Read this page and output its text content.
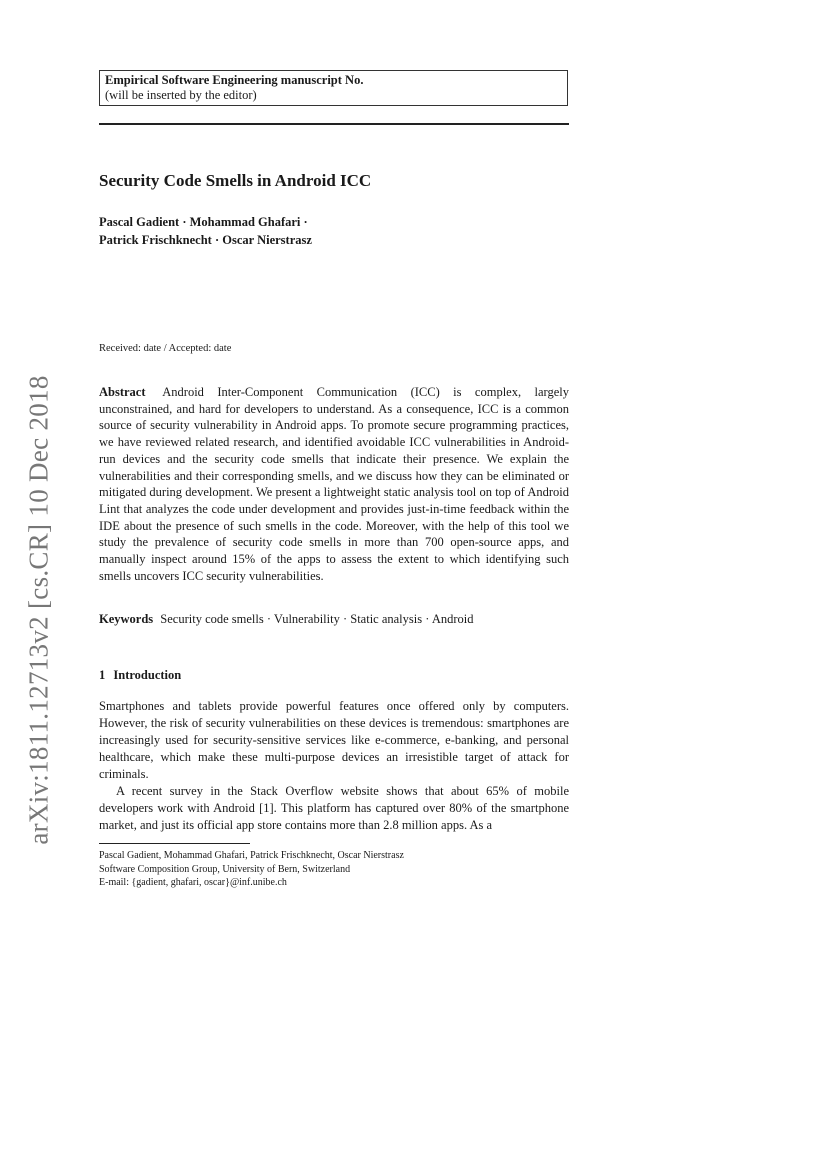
Empirical Software Engineering manuscript No.
(will be inserted by the editor)
Security Code Smells in Android ICC
Pascal Gadient · Mohammad Ghafari ·
Patrick Frischknecht · Oscar Nierstrasz
Received: date / Accepted: date
arXiv:1811.12713v2 [cs.CR] 10 Dec 2018	Abstract Android Inter-Component Communication (ICC) is complex, largely unconstrained, and hard for developers to understand. As a consequence, ICC is a common source of security vulnerability in Android apps. To promote secure programming practices, we have reviewed related research, and identified avoidable ICC vulnerabilities in Android-run devices and the security code smells that indicate their presence. We explain the vulnerabilities and their corresponding smells, and we discuss how they can be eliminated or mitigated during development. We present a lightweight static analysis tool on top of Android Lint that analyzes the code under development and provides just-in-time feedback within the IDE about the presence of such smells in the code. Moreover, with the help of this tool we study the prevalence of security code smells in more than 700 open-source apps, and manually inspect around 15% of the apps to assess the extent to which identifying such smells uncovers ICC security vulnerabilities.
Keywords Security code smells · Vulnerability · Static analysis · Android
1 Introduction

Smartphones and tablets provide powerful features once offered only by computers. However, the risk of security vulnerabilities on these devices is tremendous: smartphones are increasingly used for security-sensitive services like e-commerce, e-banking, and personal healthcare, which make these multi-purpose devices an irresistible target of attack for criminals.

A recent survey in the Stack Overflow website shows that about 65% of mobile developers work with Android [1]. This platform has captured over 80% of the smartphone market, and just its official app store contains more than 2.8 million apps. As a

Pascal Gadient, Mohammad Ghafari, Patrick Frischknecht, Oscar Nierstrasz
Software Composition Group, University of Bern, Switzerland
E-mail: {gadient, ghafari, oscar}@inf.unibe.ch
